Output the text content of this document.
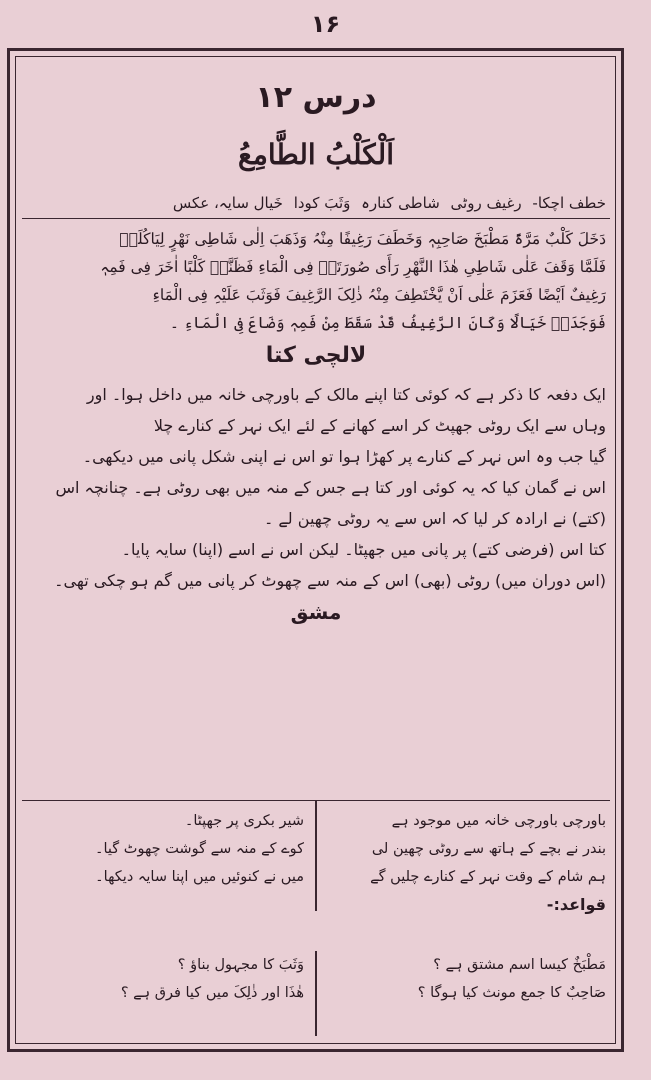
۱۶
درس ۱۲
اَلْکَلْبُ الطَّامِعُ
خطف اچکا- رغیف روٹی شاطی کنارہ وَثَبَ کودا خَیال سایہ، عکس
دَخَلَ کَلْبٌ مَرَّۃً مَطْبَخَ صَاحِبِہٖ وَخَطَفَ رَغِیفًا مِنْہُ وَذَھَبَ اِلٰی شَاطِی نَھْرٍ لِیَاکُلَہٗ
فَلَمَّا وَقَفَ عَلٰی شَاطِیِ ھٰذَا النَّھْرِ رَأَی صُورَتَہٗ فِی الْمَاءِ فَظَنَّہٗ کَلْبًا اٰخَرَ فِی فَمِہٖ
رَغِیفٌ اَیْضًا فَعَزَمَ عَلٰی اَنْ یَّخْتَطِفَ مِنْہُ ذٰلِکَ الرَّغِیفَ فَوَثَبَ عَلَیْہِ فِی الْمَاءِ
فَوَجَدَہٗ خَیَالًا وَکَانَ الرَّغِیفُ قَدْ سَقَطَ مِنْ فَمِہٖ وَضَاعَ فِی الْمَاءِ ۔
لالچی کتا
ایک دفعہ کا ذکر ہے کہ کوئی کتا اپنے مالک کے باورچی خانہ میں داخل ہوا۔ اور
وہاں سے ایک روٹی جھپٹ کر اسے کھانے کے لئے ایک نہر کے کنارے چلا
گیا جب وہ اس نہر کے کنارے پر کھڑا ہوا تو اس نے اپنی شکل پانی میں دیکھی۔
اس نے گمان کیا کہ یہ کوئی اور کتا ہے جس کے منہ میں بھی روٹی ہے۔ چنانچہ اس
(کتے) نے ارادہ کر لیا کہ اس سے یہ روٹی چھین لے ۔
کتا اس (فرضی کتے) پر پانی میں جھپٹا۔ لیکن اس نے اسے (اپنا) سایہ پایا۔
(اس دوران میں) روٹی (بھی) اس کے منہ سے چھوٹ کر پانی میں گم ہو چکی تھی۔
مشق
باورچی باورچی خانہ میں موجود ہے
بندر نے بچے کے ہاتھ سے روٹی چھین لی
ہم شام کے وقت نہر کے کنارے چلیں گے
قواعد:-
شیر بکری پر جھپٹا۔
کوے کے منہ سے گوشت چھوٹ گیا۔
میں نے کنوئیں میں اپنا سایہ دیکھا۔
مَطْبَخٌ کیسا اسم مشتق ہے ؟
صَاحِبٌ کا جمع مونث کیا ہوگا ؟
وَثَبَ کا مجہول بناؤ ؟
ھٰذَا اور ذٰلِکَ میں کیا فرق ہے ؟
